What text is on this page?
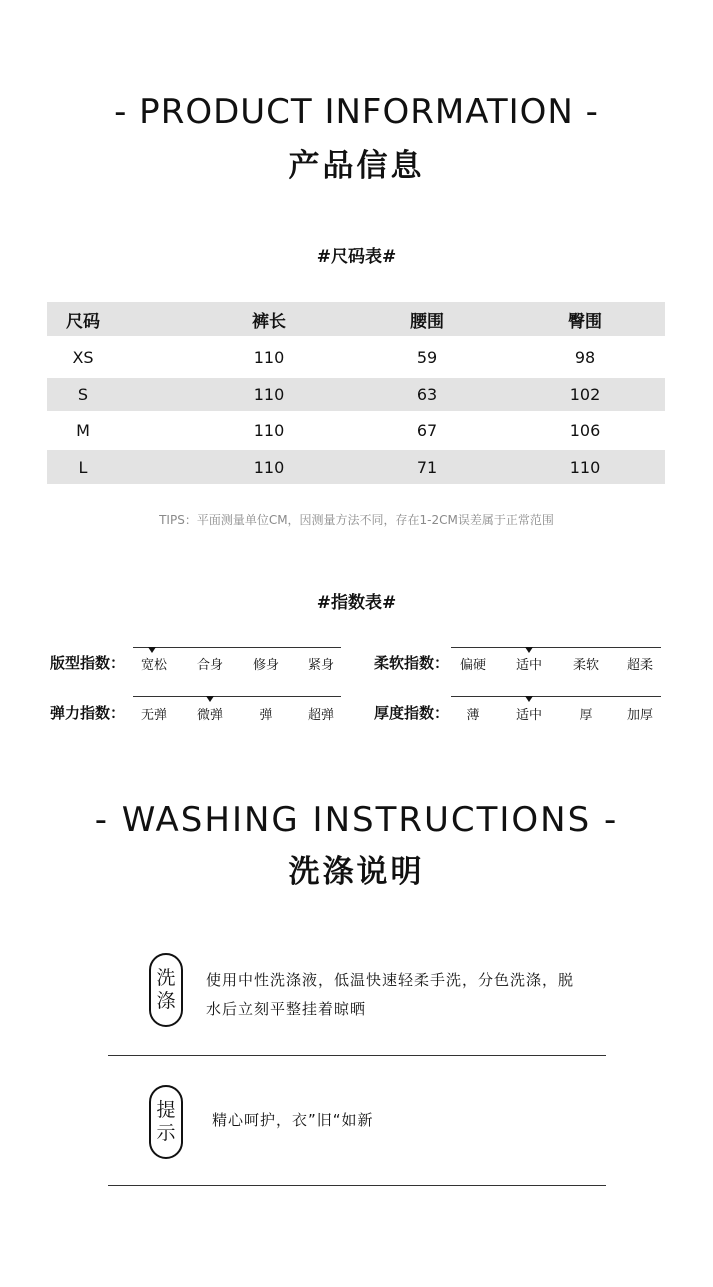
- PRODUCT INFORMATION -
产品信息
#尺码表#
尺码	裤长	腰围	臀围
XS	110	59	98
S	110	63	102
M	110	67	106
L	110	71	110
TIPS：平面测量单位CM，因测量方法不同，存在1-2CM误差属于正常范围
#指数表#
版型指数：	宽松	合身	修身	紧身	柔软指数： 偏硬	适中	柔软	超柔
弹力指数：	无弹	微弹	弹	超弹	厚度指数：	薄	适中	厚	加厚
- WASHING INSTRUCTIONS -
洗涤说明
洗
涤
使用中性洗涤液，低温快速轻柔手洗，分色洗涤，脱
水后立刻平整挂着晾晒
提
示
精心呵护，衣”旧“如新
